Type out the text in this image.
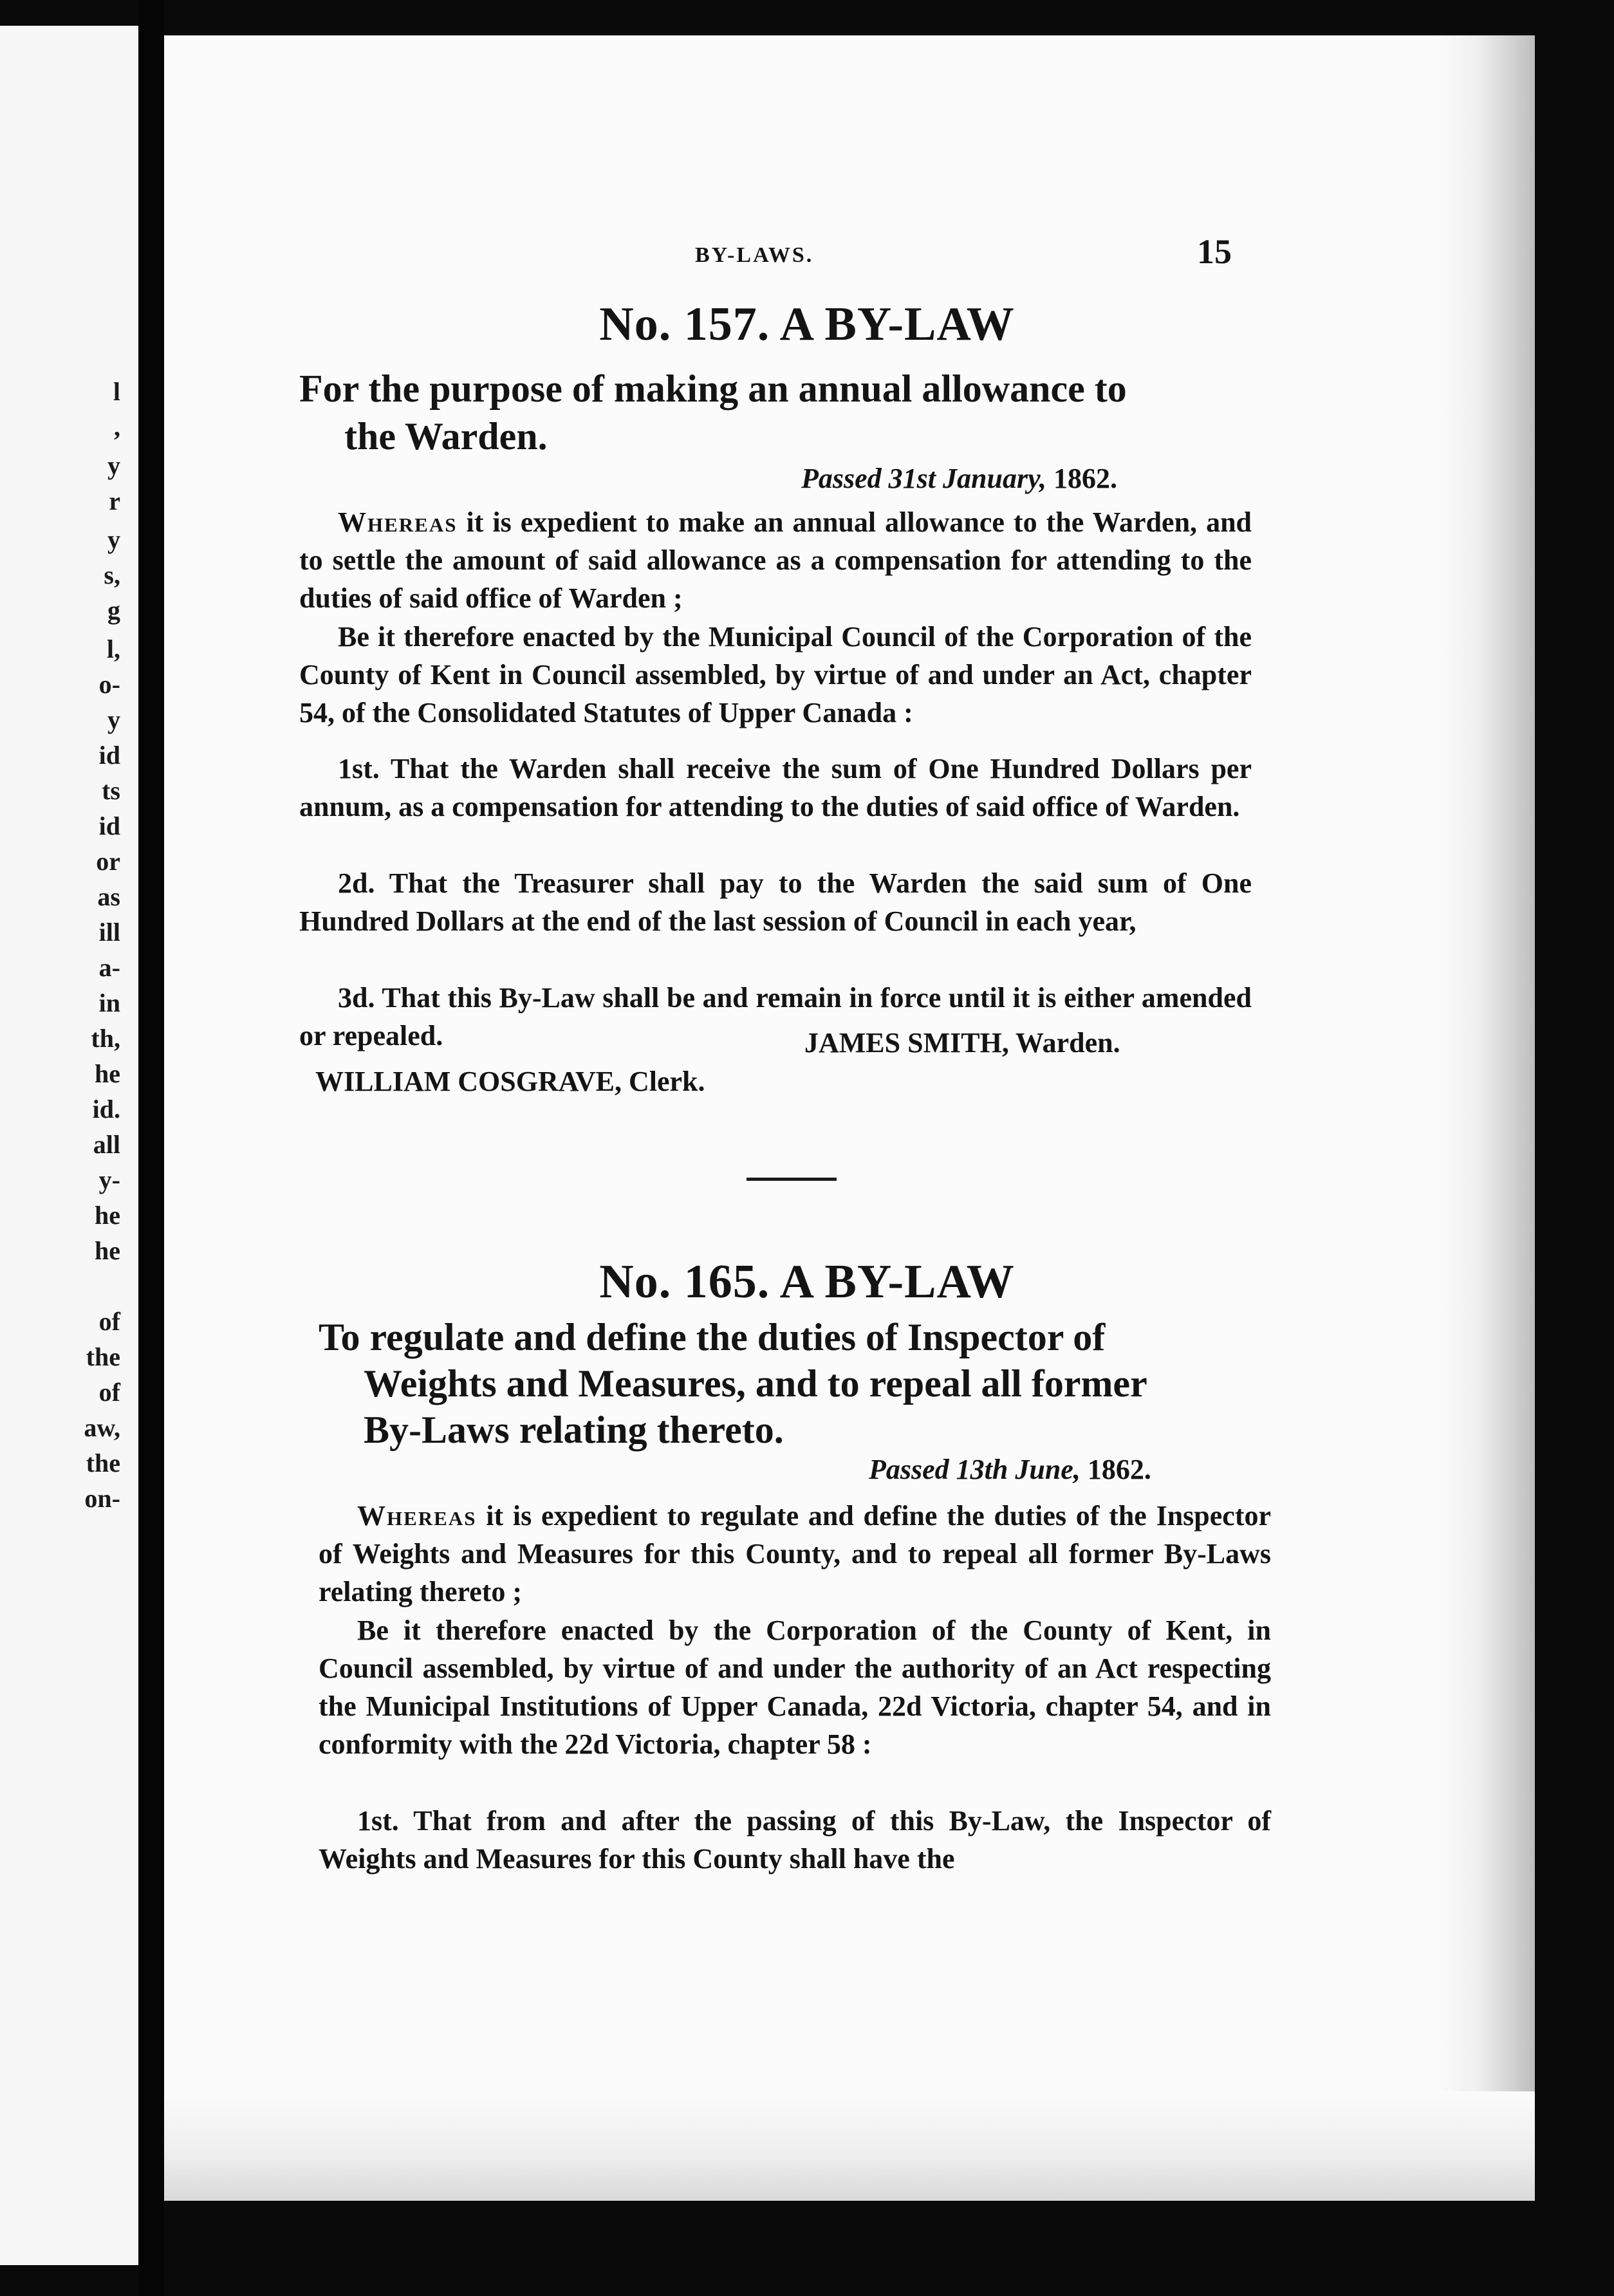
l
,
y
r
y
s,
g
l,
o-
y
id
ts
id
or
as
ill
a-
in
th,
he
id.
all
y-
he
he
of
the
of
aw,
the
on-
BY-LAWS.	15
No. 157. A BY-LAW
For the purpose of making an annual allowance to
the Warden.
Passed 31st January, 1862.
Whereas it is expedient to make an annual allowance to the Warden, and to settle the amount of said allowance as a compensation for attending to the duties of said office of Warden ;
Be it therefore enacted by the Municipal Council of the Corporation of the County of Kent in Council assembled, by virtue of and under an Act, chapter 54, of the Consolidated Statutes of Upper Canada :
1st. That the Warden shall receive the sum of One Hundred Dollars per annum, as a compensation for attending to the duties of said office of Warden.
2d. That the Treasurer shall pay to the Warden the said sum of One Hundred Dollars at the end of the last session of Council in each year,
3d. That this By-Law shall be and remain in force until it is either amended or repealed.	JAMES SMITH, Warden.
WILLIAM COSGRAVE, Clerk.
No. 165. A BY-LAW
To regulate and define the duties of Inspector of
Weights and Measures, and to repeal all former
By-Laws relating thereto.
Passed 13th June, 1862.
Whereas it is expedient to regulate and define the duties of the Inspector of Weights and Measures for this County, and to repeal all former By-Laws relating thereto ;
Be it therefore enacted by the Corporation of the County of Kent, in Council assembled, by virtue of and under the authority of an Act respecting the Municipal Institutions of Upper Canada, 22d Victoria, chapter 54, and in conformity with the 22d Victoria, chapter 58 :
1st. That from and after the passing of this By-Law, the Inspector of Weights and Measures for this County shall have the
